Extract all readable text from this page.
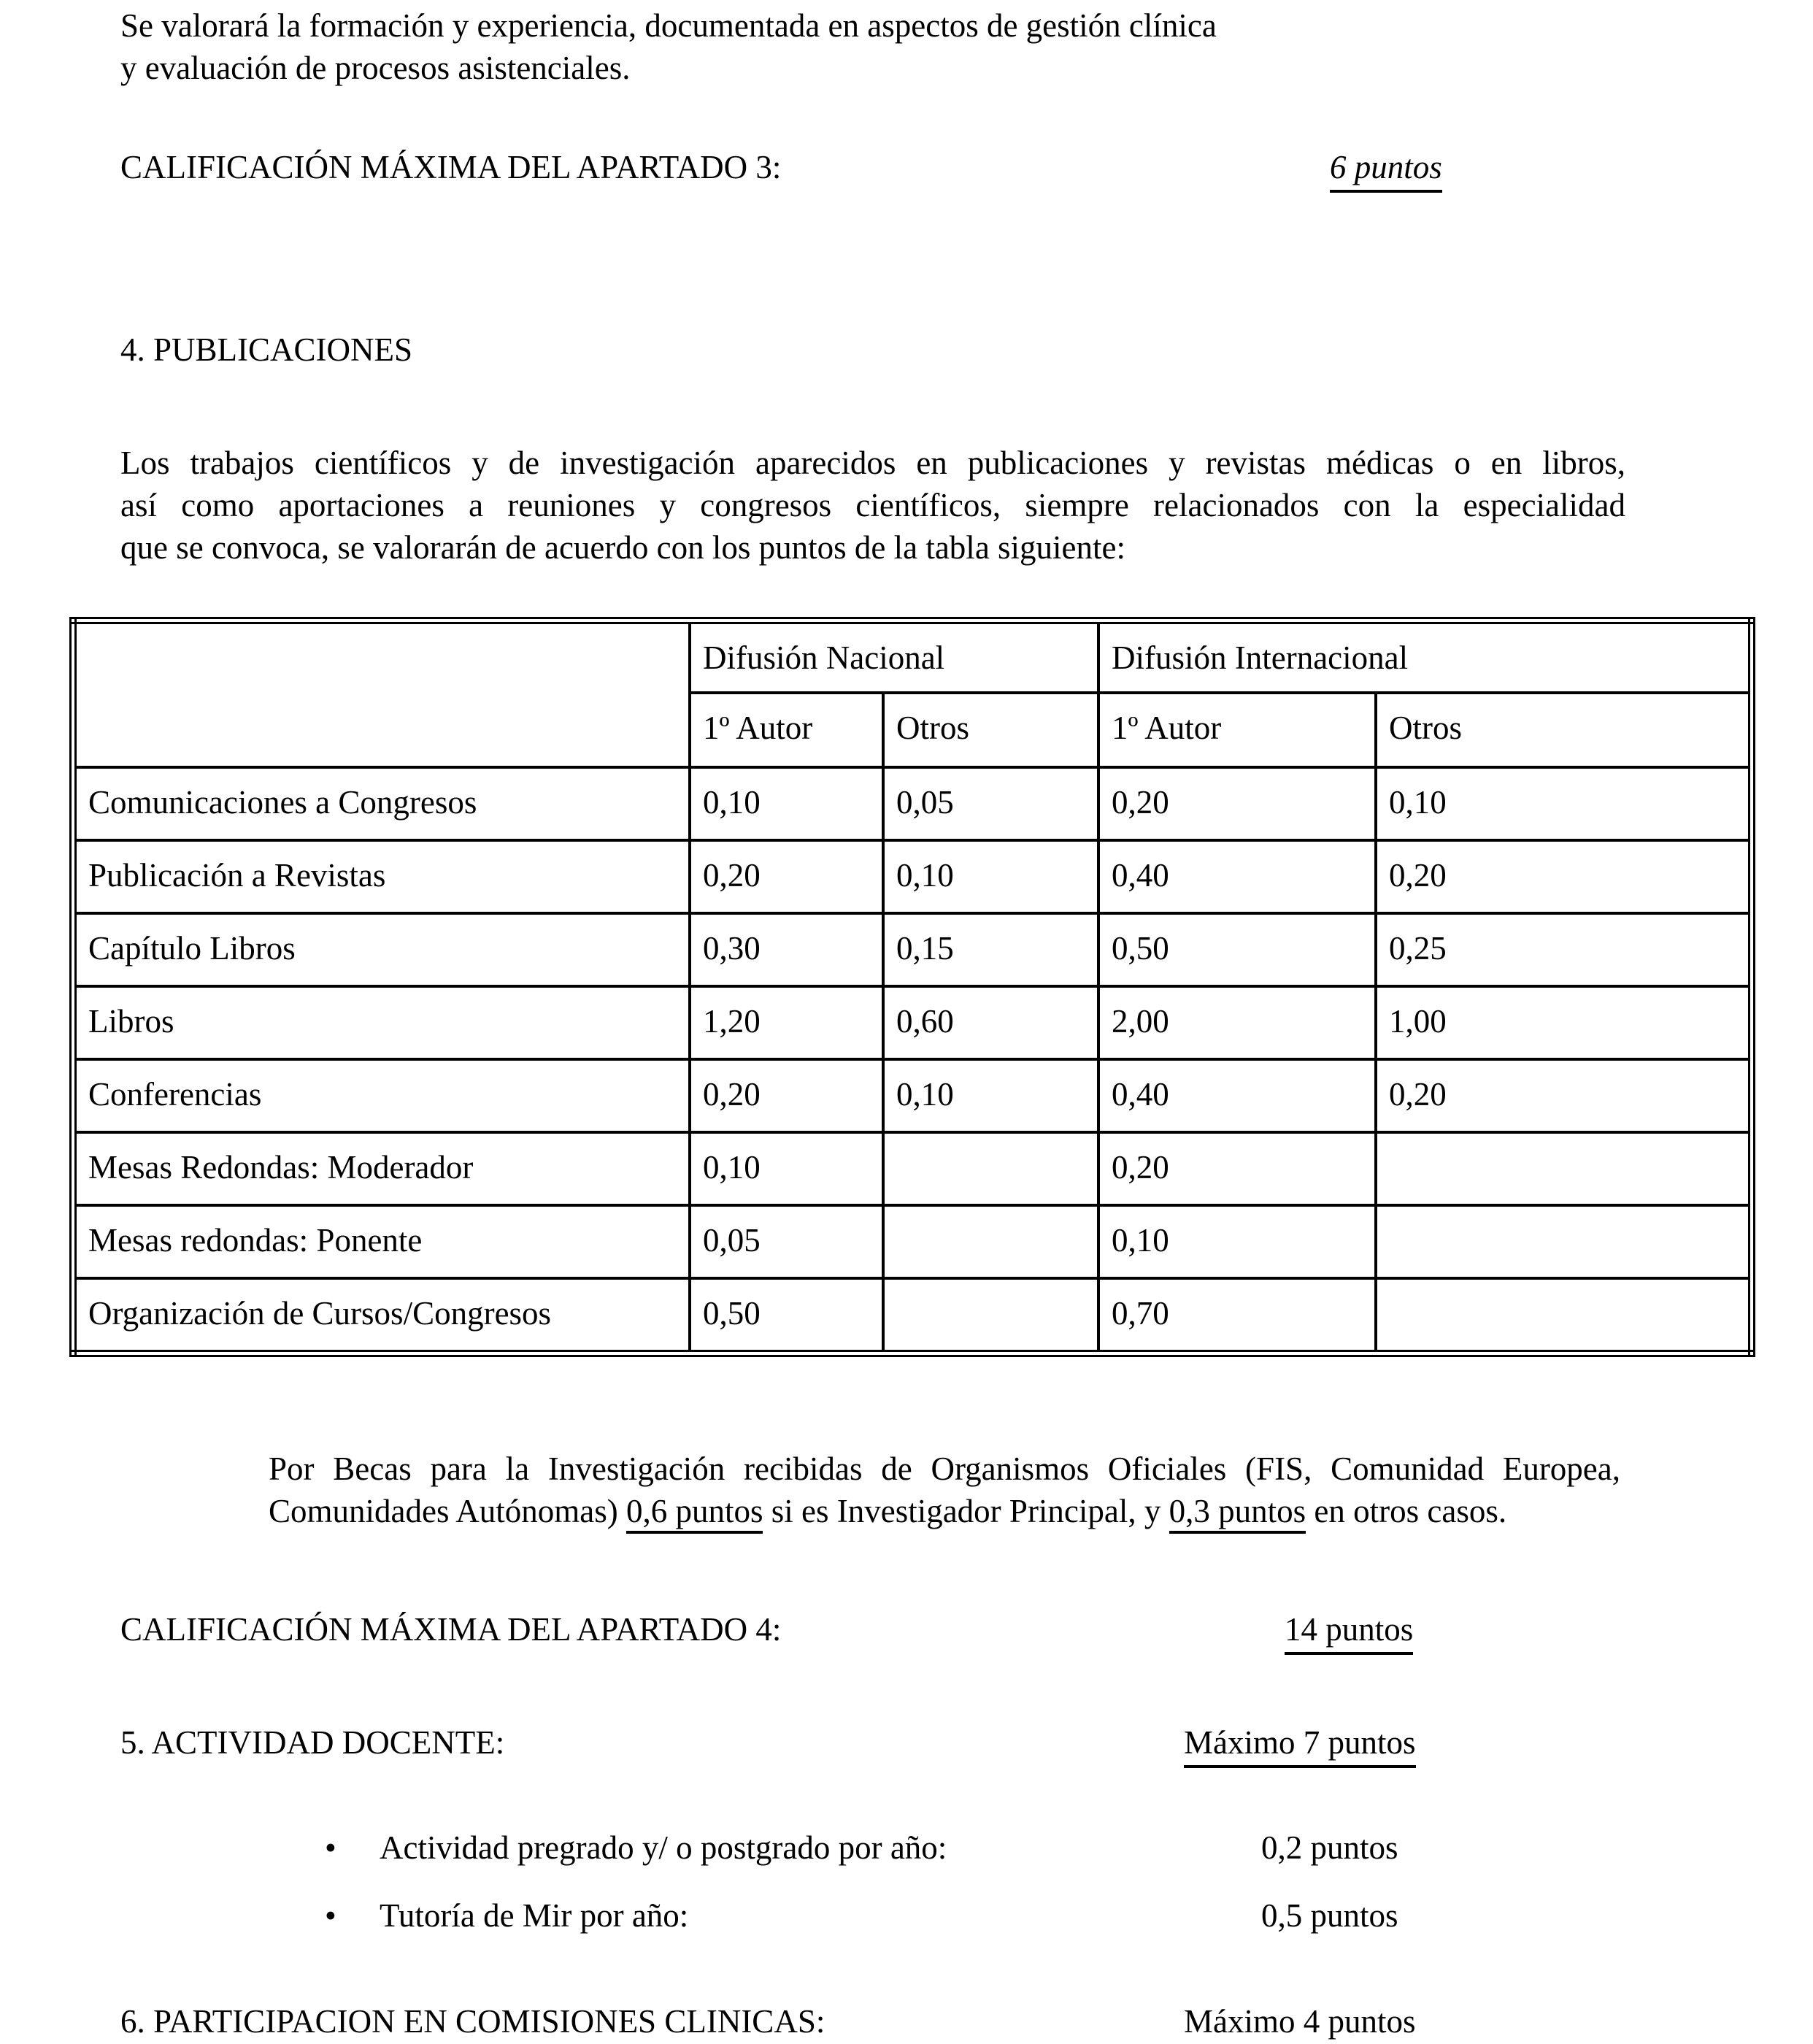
Se valorará la formación y experiencia, documentada en aspectos de gestión clínica
y evaluación de procesos asistenciales.
CALIFICACIÓN MÁXIMA DEL APARTADO 3:	6 puntos
4. PUBLICACIONES
Los trabajos científicos y de investigación aparecidos en publicaciones y revistas médicas o en libros,
así como aportaciones a reuniones y congresos científicos, siempre relacionados con la especialidad
que se convoca, se valorarán de acuerdo con los puntos de la tabla siguiente:
	Difusión Nacional		Difusión Internacional	
	1º Autor	Otros	1º Autor	Otros
Comunicaciones a Congresos	0,10	0,05	0,20	0,10
Publicación a Revistas	0,20	0,10	0,40	0,20
Capítulo Libros	0,30	0,15	0,50	0,25
Libros	1,20	0,60	2,00	1,00
Conferencias	0,20	0,10	0,40	0,20
Mesas Redondas: Moderador	0,10		0,20	
Mesas redondas: Ponente	0,05		0,10	
Organización de Cursos/Congresos	0,50		0,70	
Por Becas para la Investigación recibidas de Organismos Oficiales (FIS, Comunidad Europea,
Comunidades Autónomas) 0,6 puntos si es Investigador Principal, y 0,3 puntos en otros casos.
CALIFICACIÓN MÁXIMA DEL APARTADO 4:	14 puntos
5. ACTIVIDAD DOCENTE:	Máximo 7 puntos
• Actividad pregrado y/ o postgrado por año:	0,2 puntos
• Tutoría de Mir por año:	0,5 puntos
6. PARTICIPACION EN COMISIONES CLINICAS:	Máximo 4 puntos
